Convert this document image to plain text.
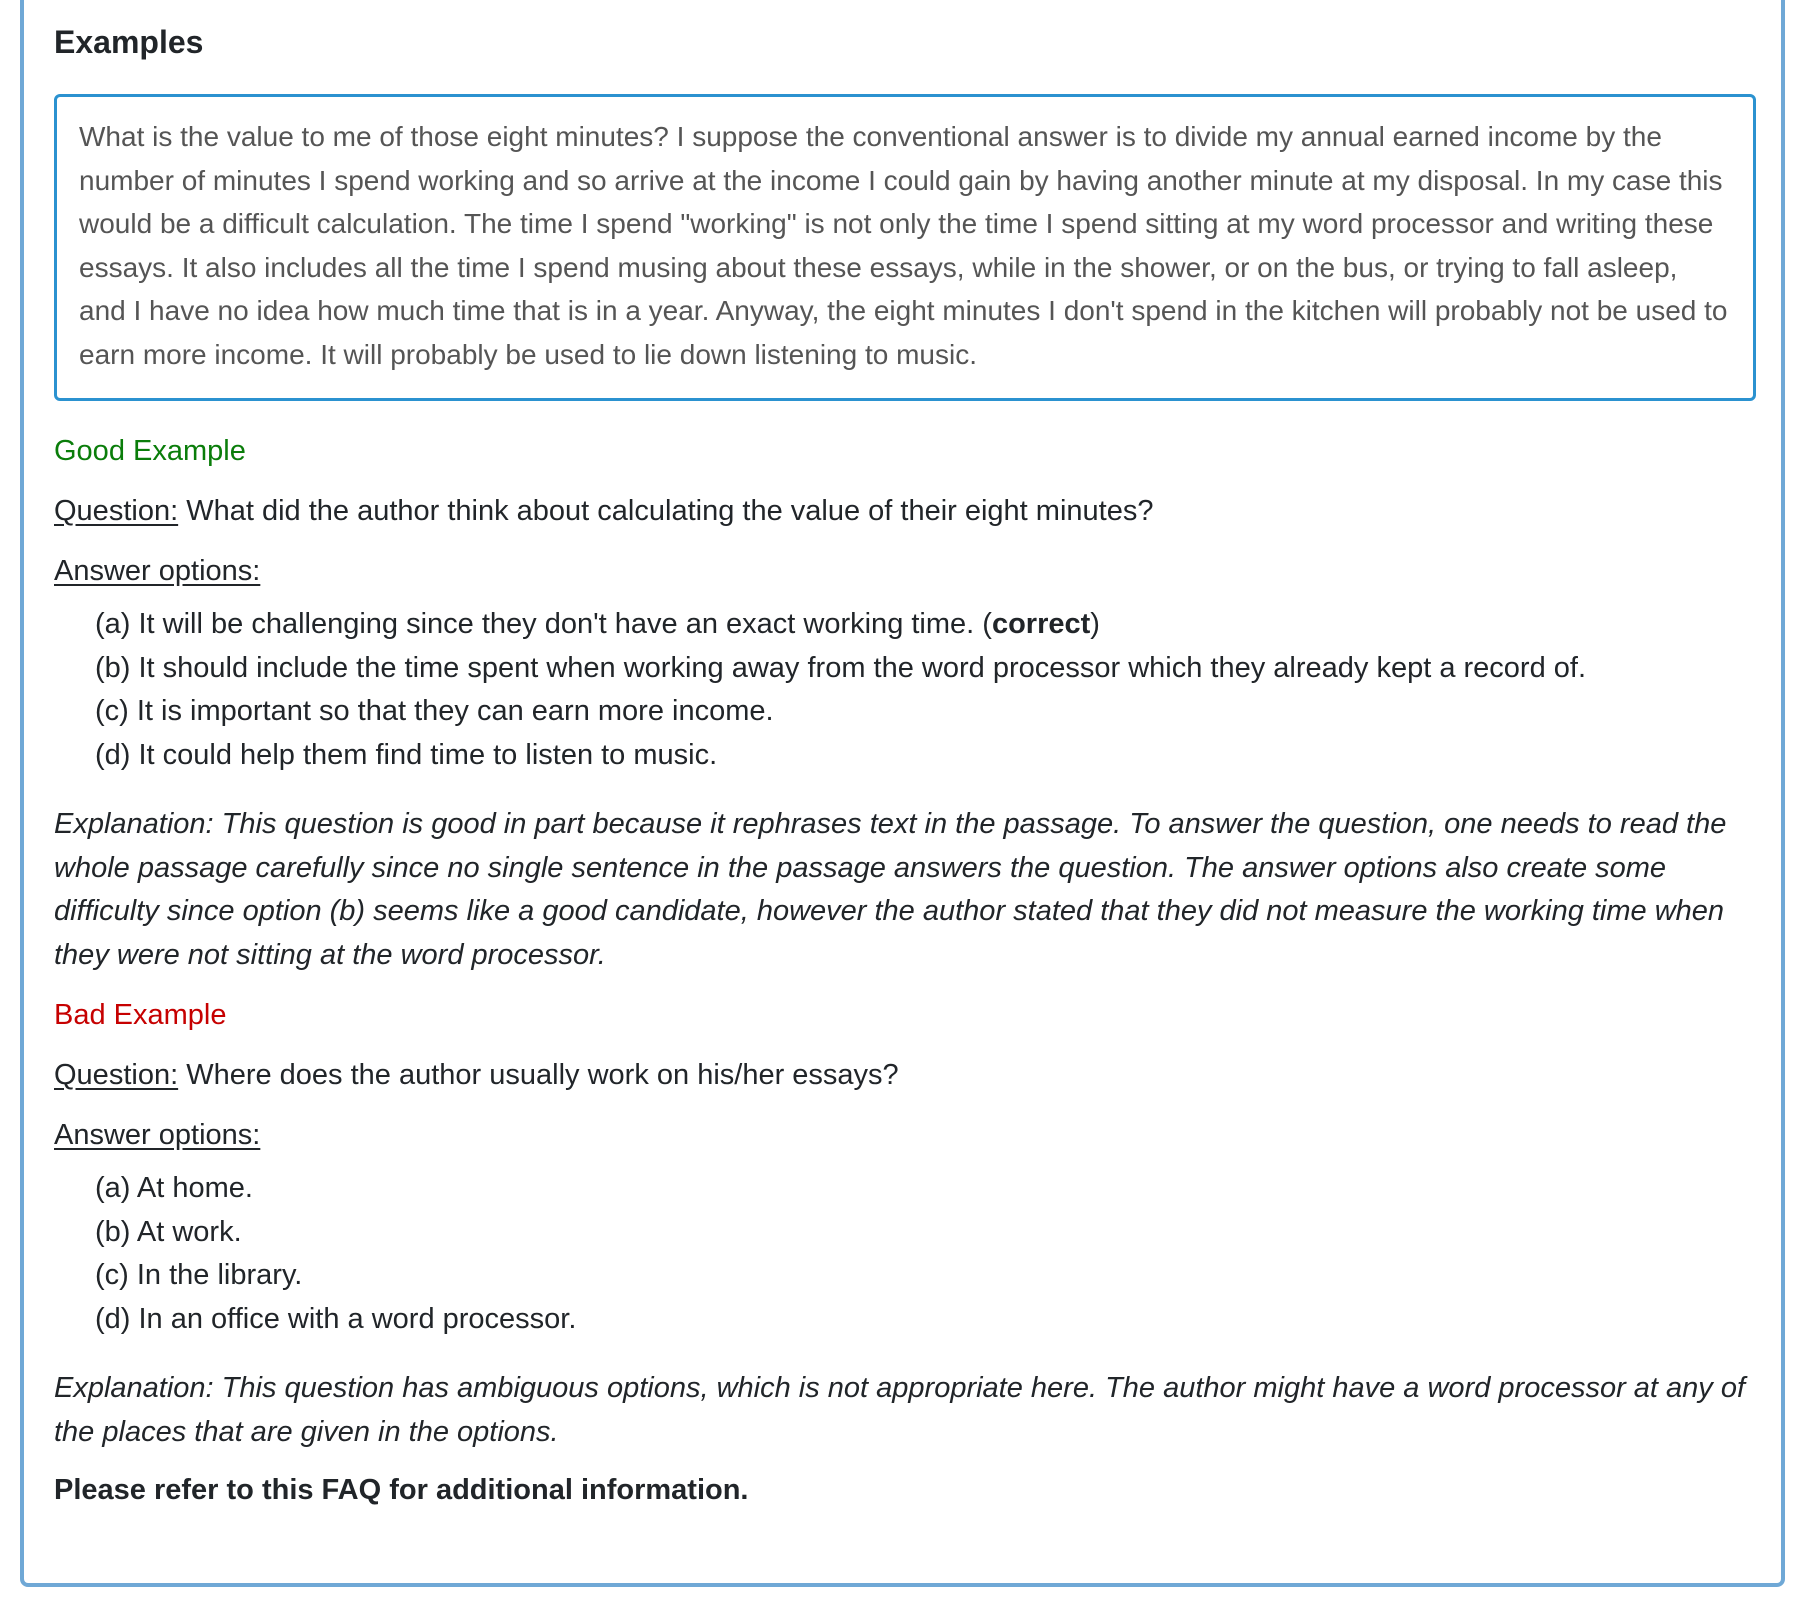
Examples
What is the value to me of those eight minutes? I suppose the conventional answer is to divide my annual earned income by the number of minutes I spend working and so arrive at the income I could gain by having another minute at my disposal. In my case this would be a difficult calculation. The time I spend "working" is not only the time I spend sitting at my word processor and writing these essays. It also includes all the time I spend musing about these essays, while in the shower, or on the bus, or trying to fall asleep, and I have no idea how much time that is in a year. Anyway, the eight minutes I don't spend in the kitchen will probably not be used to earn more income. It will probably be used to lie down listening to music.
Good Example
Question: What did the author think about calculating the value of their eight minutes?
Answer options:
(a) It will be challenging since they don't have an exact working time. (correct)
(b) It should include the time spent when working away from the word processor which they already kept a record of.
(c) It is important so that they can earn more income.
(d) It could help them find time to listen to music.
Explanation: This question is good in part because it rephrases text in the passage. To answer the question, one needs to read the whole passage carefully since no single sentence in the passage answers the question. The answer options also create some difficulty since option (b) seems like a good candidate, however the author stated that they did not measure the working time when they were not sitting at the word processor.
Bad Example
Question: Where does the author usually work on his/her essays?
Answer options:
(a) At home.
(b) At work.
(c) In the library.
(d) In an office with a word processor.
Explanation: This question has ambiguous options, which is not appropriate here. The author might have a word processor at any of the places that are given in the options.
Please refer to this FAQ for additional information.
